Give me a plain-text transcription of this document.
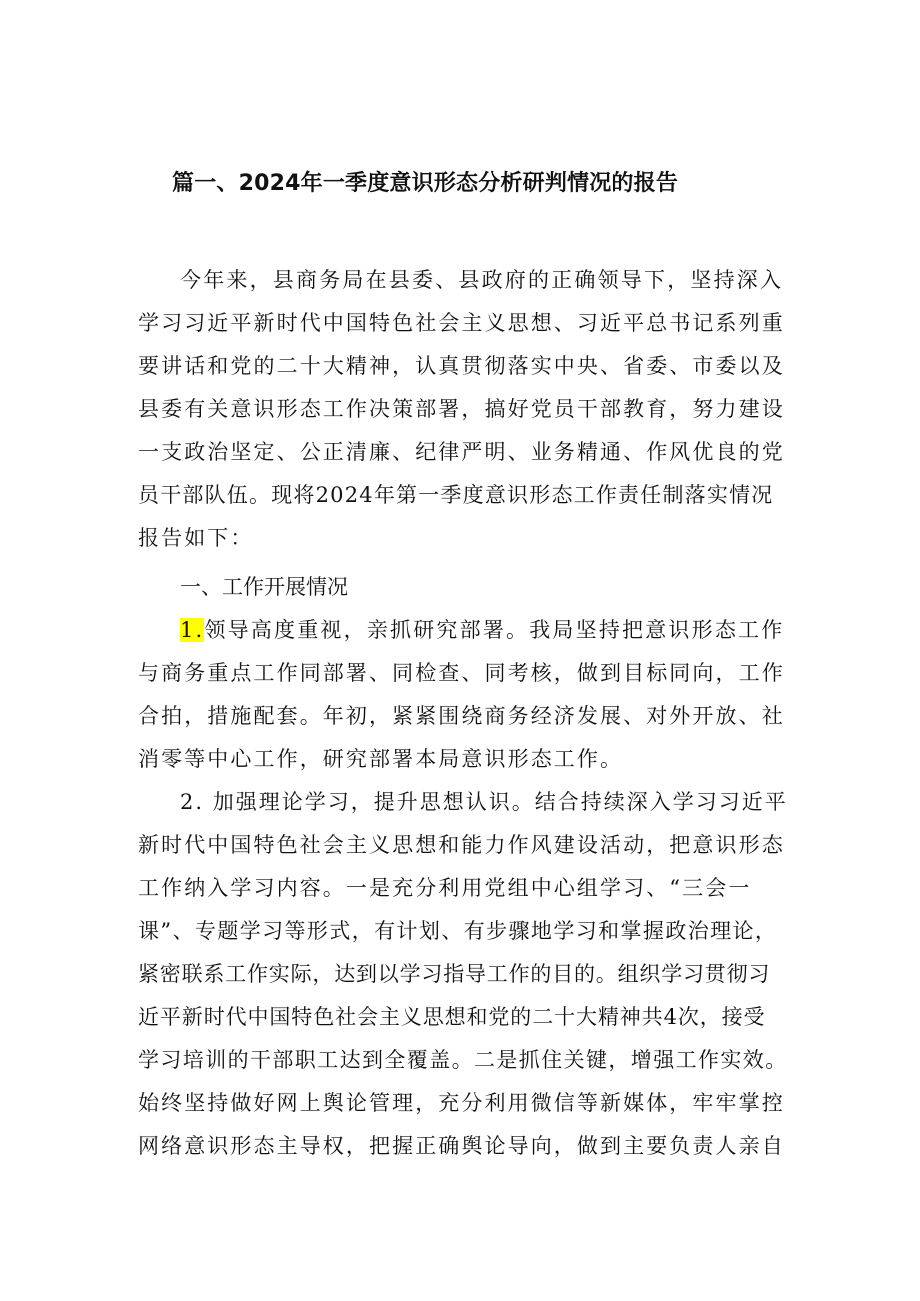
篇一、2024年一季度意识形态分析研判情况的报告
今年来，县商务局在县委、县政府的正确领导下，坚持深入
学习习近平新时代中国特色社会主义思想、习近平总书记系列重
要讲话和党的二十大精神，认真贯彻落实中央、省委、市委以及
县委有关意识形态工作决策部署，搞好党员干部教育，努力建设
一支政治坚定、公正清廉、纪律严明、业务精通、作风优良的党
员干部队伍。现将2024年第一季度意识形态工作责任制落实情况
报告如下：
一、工作开展情况
1.领导高度重视，亲抓研究部署。我局坚持把意识形态工作
与商务重点工作同部署、同检查、同考核，做到目标同向，工作
合拍，措施配套。年初，紧紧围绕商务经济发展、对外开放、社
消零等中心工作，研究部署本局意识形态工作。
2. 加强理论学习，提升思想认识。结合持续深入学习习近平
新时代中国特色社会主义思想和能力作风建设活动，把意识形态
工作纳入学习内容。一是充分利用党组中心组学习、“三会一
课”、专题学习等形式，有计划、有步骤地学习和掌握政治理论，
紧密联系工作实际，达到以学习指导工作的目的。组织学习贯彻习
近平新时代中国特色社会主义思想和党的二十大精神共4次，接受
学习培训的干部职工达到全覆盖。二是抓住关键，增强工作实效。
始终坚持做好网上舆论管理，充分利用微信等新媒体，牢牢掌控
网络意识形态主导权，把握正确舆论导向，做到主要负责人亲自
